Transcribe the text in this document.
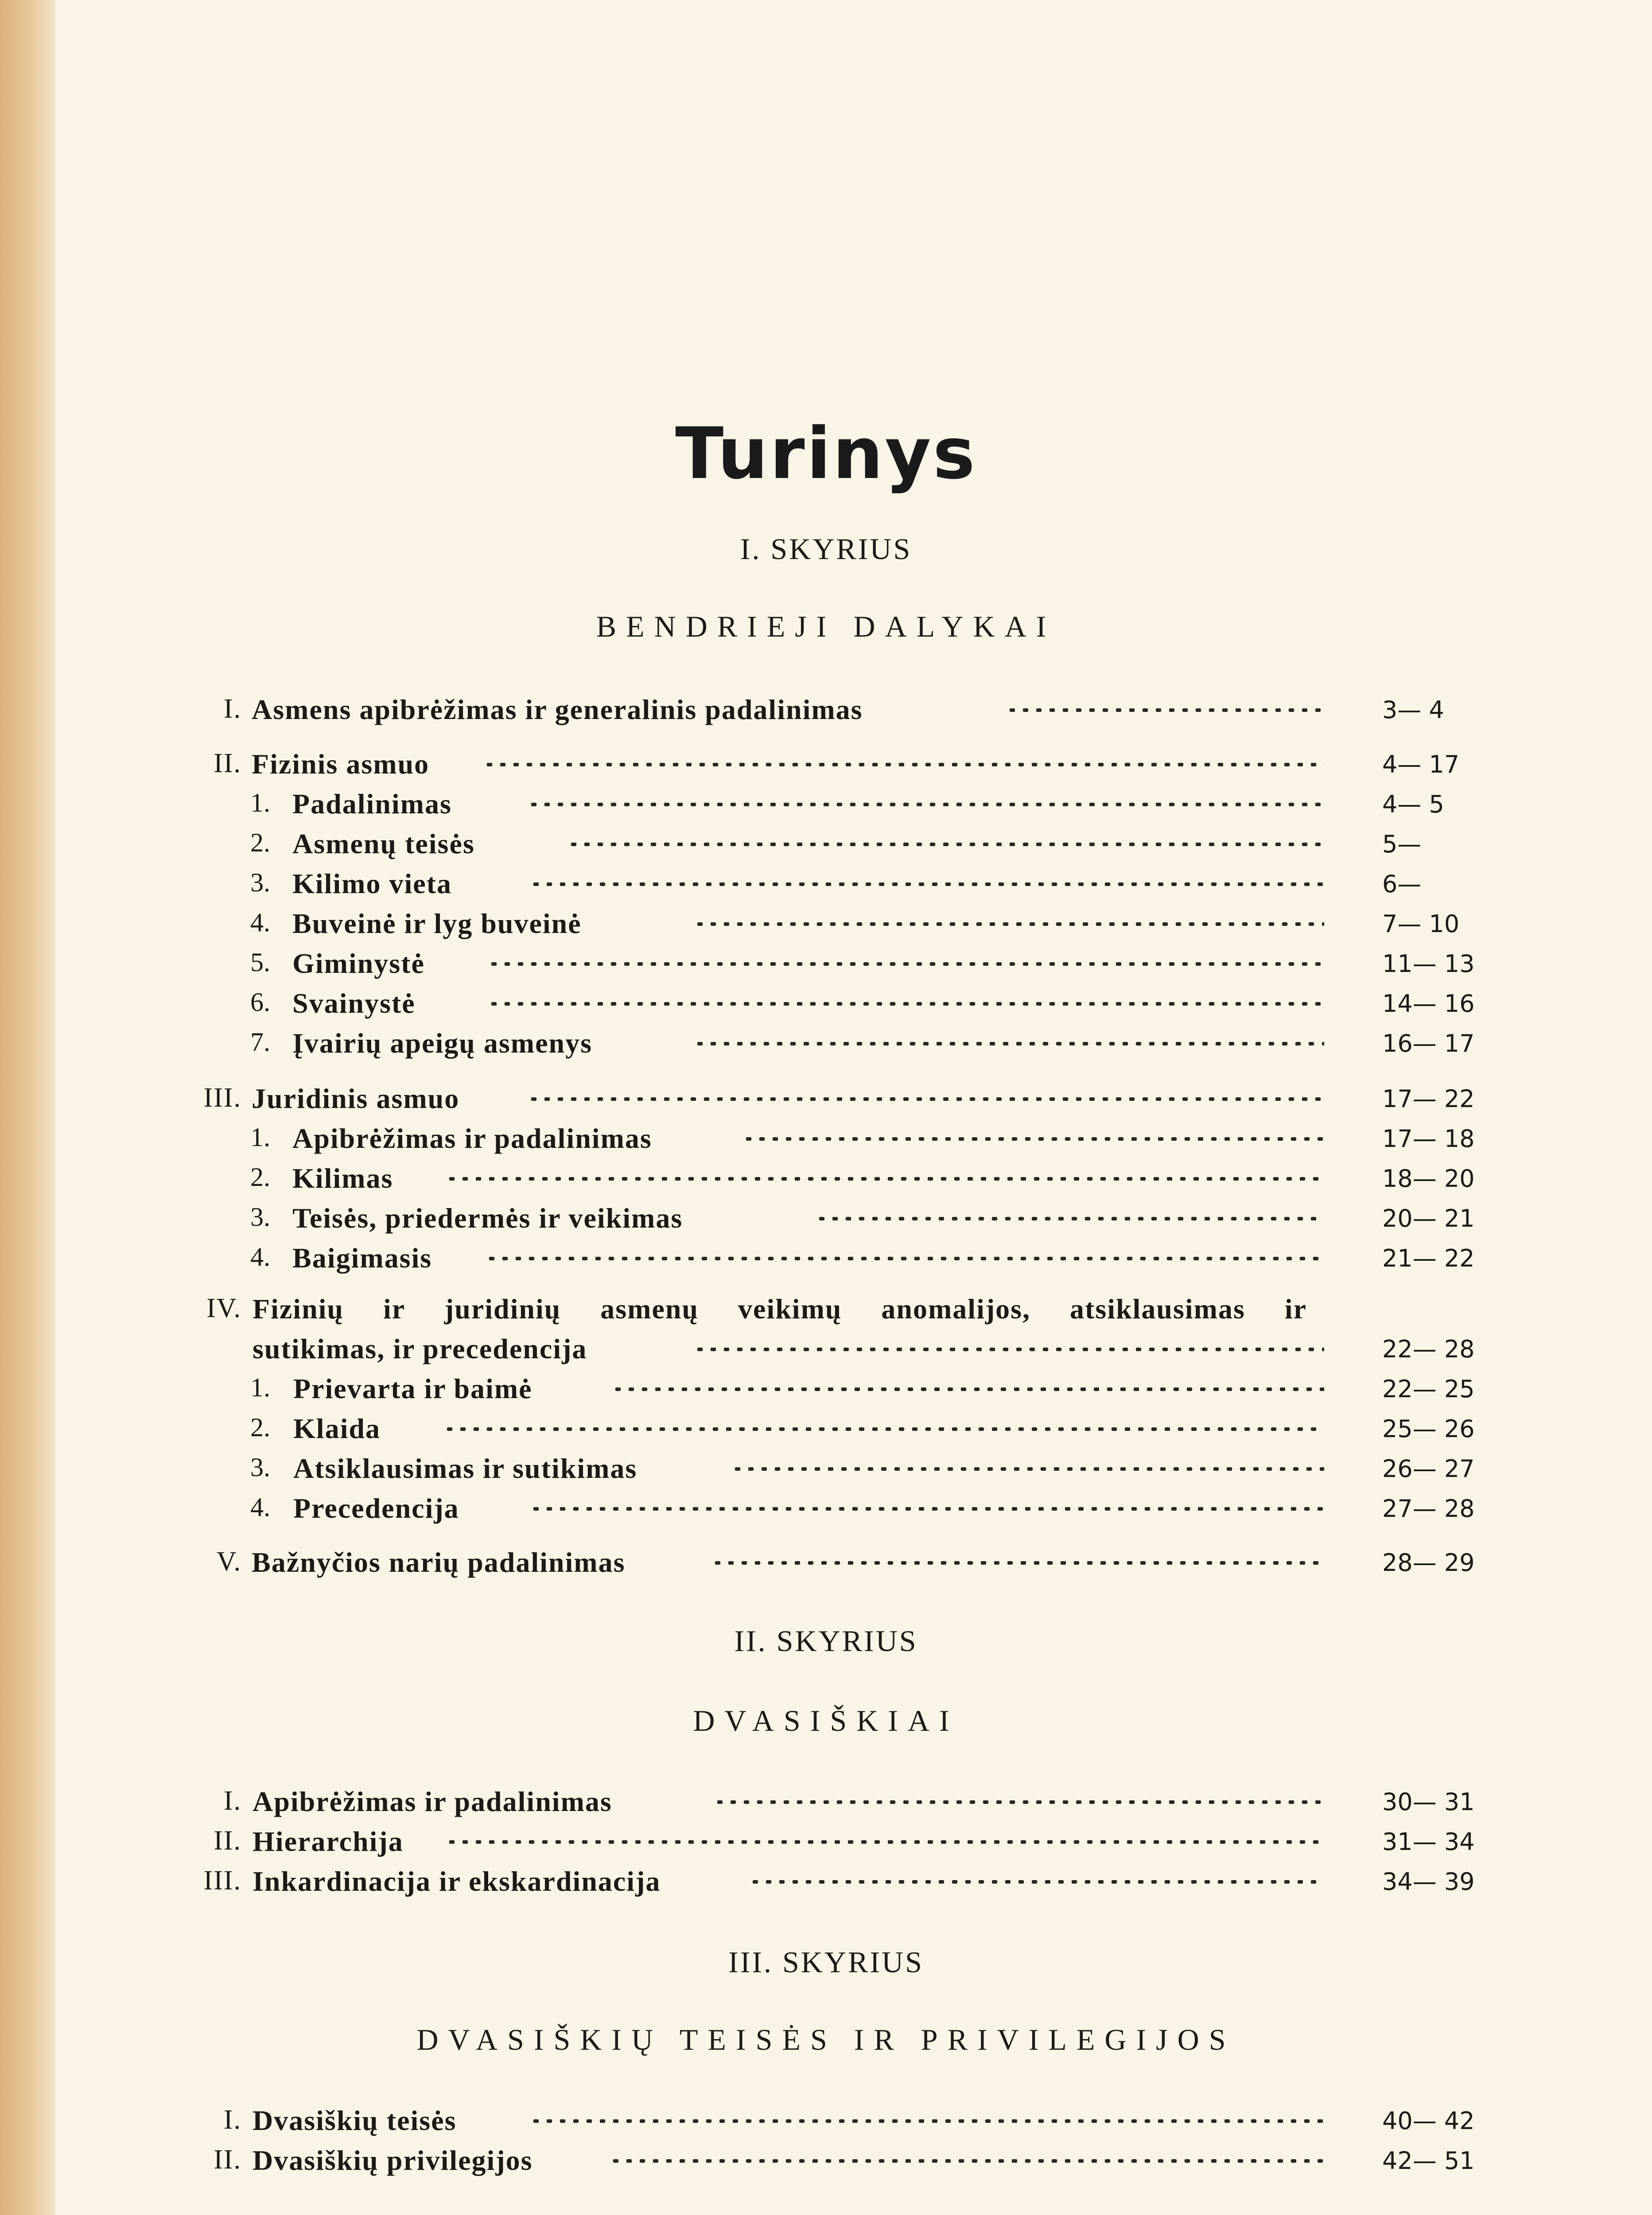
Turinys
I. SKYRIUS
BENDRIEJI DALYKAI
I. Asmens apibrėžimas ir generalinis padalinimas	3— 4
II. Fizinis asmuo	4— 17
1. Padalinimas	4— 5
2. Asmenų teisės	5—
3. Kilimo vieta	6—
4. Buveinė ir lyg buveinė	7— 10
5. Giminystė	11— 13
6. Svainystė	14— 16
7. Įvairių apeigų asmenys	16— 17
III. Juridinis asmuo	17— 22
1. Apibrėžimas ir padalinimas	17— 18
2. Kilimas	18— 20
3. Teisės, priedermės ir veikimas	20— 21
4. Baigimasis	21— 22
IV. Fizinių ir juridinių asmenų veikimų anomalijos, atsiklausimas ir
sutikimas, ir precedencija	22— 28
1. Prievarta ir baimė	22— 25
2. Klaida	25— 26
3. Atsiklausimas ir sutikimas	26— 27
4. Precedencija	27— 28
V. Bažnyčios narių padalinimas	28— 29
II. SKYRIUS
DVASIŠKIAI
I. Apibrėžimas ir padalinimas	30— 31
II. Hierarchija	31— 34
III. Inkardinacija ir ekskardinacija	34— 39
III. SKYRIUS
DVASIŠKIŲ TEISĖS IR PRIVILEGIJOS
I. Dvasiškių teisės	40— 42
II. Dvasiškių privilegijos	42— 51
